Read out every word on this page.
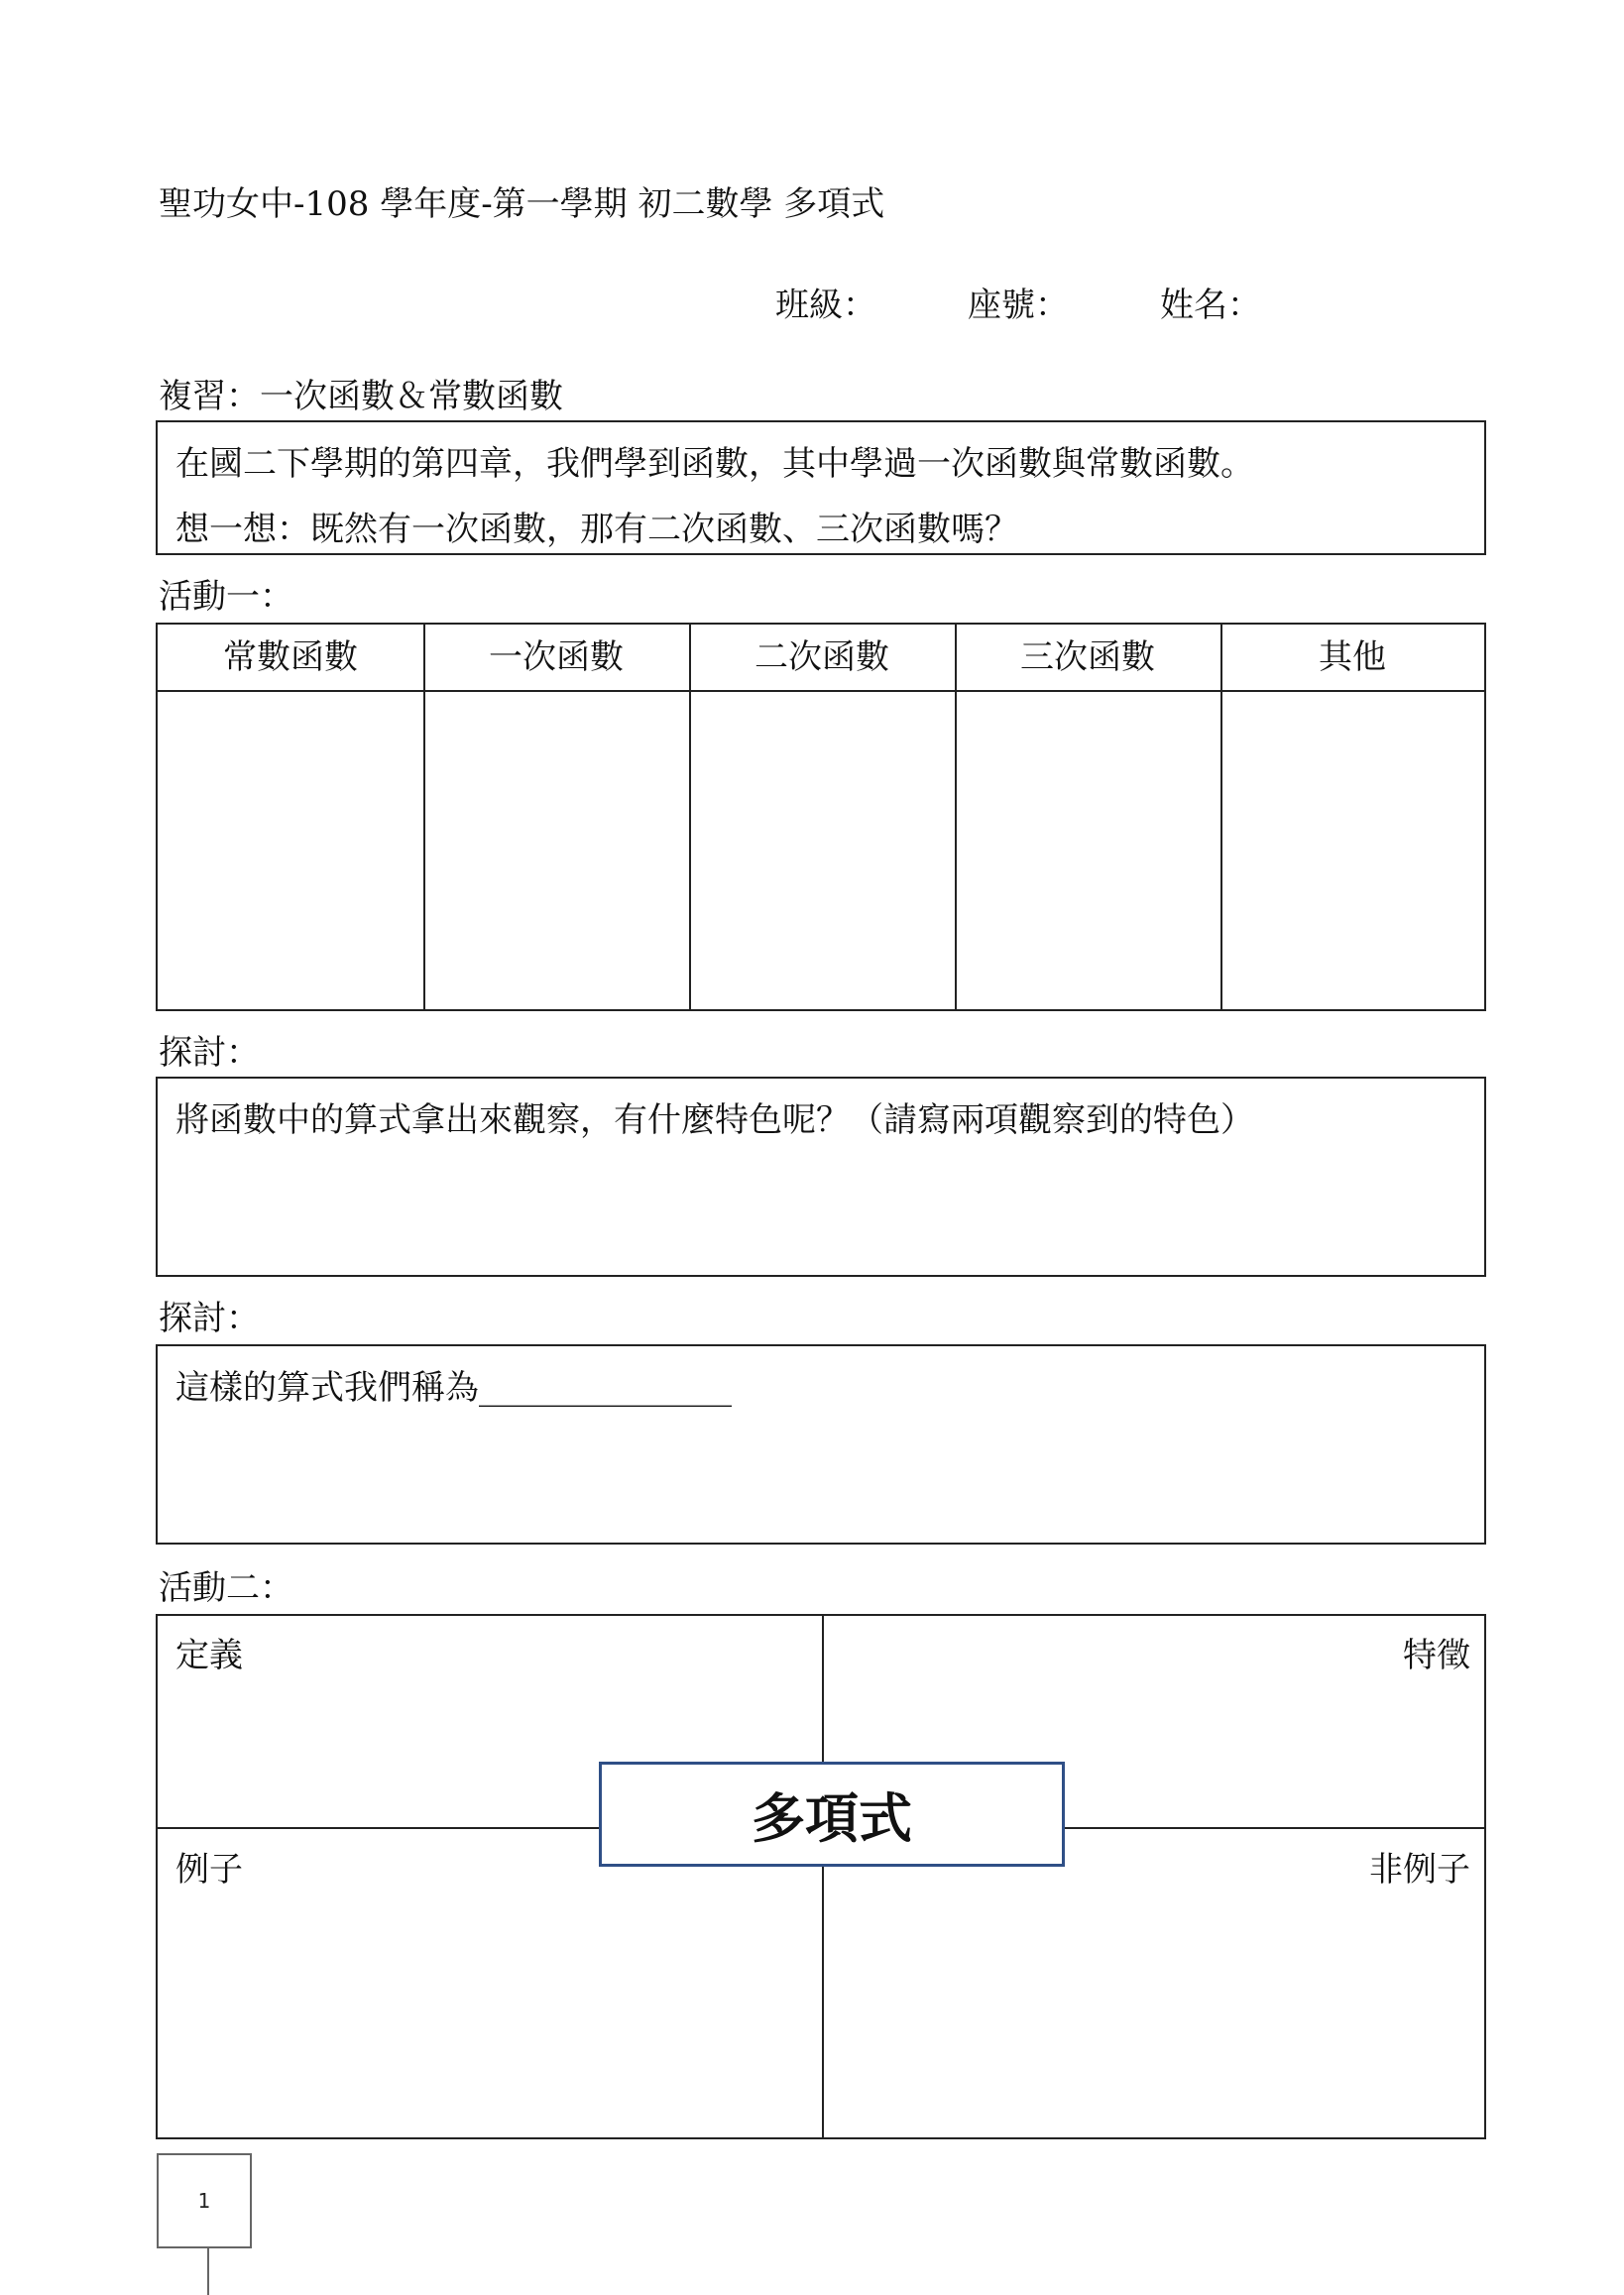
聖功女中-108 學年度-第一學期 初二數學 多項式
班級：	座號：	姓名：
複習：一次函數＆常數函數
在國二下學期的第四章，我們學到函數，其中學過一次函數與常數函數。
想一想：既然有一次函數，那有二次函數、三次函數嗎？
活動一：
常數函數	一次函數	二次函數	三次函數	其他
探討：
將函數中的算式拿出來觀察，有什麼特色呢？（請寫兩項觀察到的特色）
探討：
這樣的算式我們稱為_______________
活動二：
定義	特徵
例子	非例子
多項式
1
